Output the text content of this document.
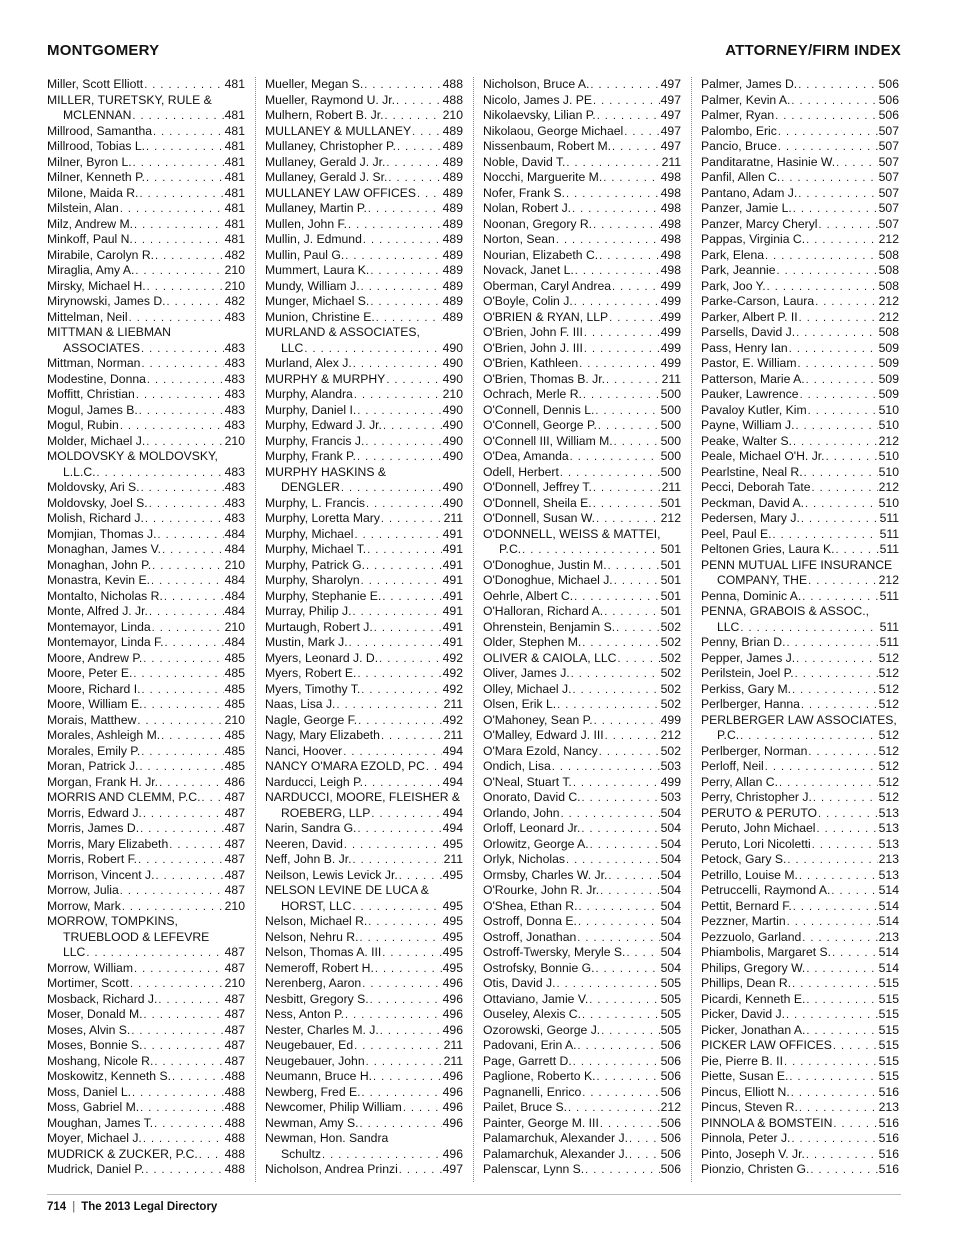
MONTGOMERY	ATTORNEY/FIRM INDEX
Miller, Scott Elliott . . .	481
MILLER, TURETSKY, RULE &
MCLENNAN . . .	481
Millrood, Samantha . . .	481
Millrood, Tobias L. . . .	481
Milner, Byron L. . . .	481
Milner, Kenneth P. . . .	481
Milone, Maida R. . . .	481
Milstein, Alan . . .	481
Milz, Andrew M. . . .	481
Minkoff, Paul N. . . .	481
Mirabile, Carolyn R. . . .	482
Miraglia, Amy A. . . .	210
Mirsky, Michael H. . . .	210
Mirynowski, James D. . . .	482
Mittelman, Neil . . .	483
MITTMAN & LIEBMAN
ASSOCIATES . . .	483
Mittman, Norman . . .	483
Modestine, Donna . . .	483
Moffitt, Christian . . .	483
Mogul, James B. . . .	483
Mogul, Rubin . . .	483
Molder, Michael J. . . .	210
MOLDOVSKY & MOLDOVSKY,
L.L.C. . . .	483
Moldovsky, Ari S. . . .	483
Moldovsky, Joel S. . . .	483
Molish, Richard J. . . .	483
Momjian, Thomas J. . . .	484
Monaghan, James V. . . .	484
Monaghan, John P. . . .	210
Monastra, Kevin E. . . .	484
Montalto, Nicholas R. . . .	484
Monte, Alfred J. Jr. . . .	484
Montemayor, Linda . . .	210
Montemayor, Linda F. . . .	484
Moore, Andrew P. . . .	485
Moore, Peter E. . . .	485
Moore, Richard I. . . .	485
Moore, William E. . . .	485
Morais, Matthew . . .	210
Morales, Ashleigh M. . . .	485
Morales, Emily P. . . .	485
Moran, Patrick J. . . .	485
Morgan, Frank H. Jr. . . .	486
MORRIS AND CLEMM, P.C. . . . 487
Morris, Edward J. . . .	487
Morris, James D. . . .	487
Morris, Mary Elizabeth . . .	487
Morris, Robert F. . . .	487
Morrison, Vincent J. . . .	487
Morrow, Julia . . .	487
Morrow, Mark . . .	210
MORROW, TOMPKINS,
TRUEBLOOD & LEFEVRE
LLC . . .	487
Morrow, William . . .	487
Mortimer, Scott . . .	210
Mosback, Richard J. . . .	487
Moser, Donald M. . . .	487
Moses, Alvin S. . . .	487
Moses, Bonnie S. . . .	487
Moshang, Nicole R. . . .	487
Moskowitz, Kenneth S. . . .	488
Moss, Daniel L. . . .	488
Moss, Gabriel M. . . .	488
Moughan, James T. . . .	488
Moyer, Michael J. . . .	488
MUDRICK & ZUCKER, P.C. . . . 488
Mudrick, Daniel P. . . .	488
Mueller, Megan S. . . .	488
Mueller, Raymond U. Jr. . . .	488
Mulhern, Robert B. Jr. . . .	210
MULLANEY & MULLANEY . . .	489
Mullaney, Christopher P. . . .	489
Mullaney, Gerald J. Jr. . . .	489
Mullaney, Gerald J. Sr. . . .	489
MULLANEY LAW OFFICES . . . 489
Mullaney, Martin P. . . .	489
Mullen, John F. . . .	489
Mullin, J. Edmund . . .	489
Mullin, Paul G. . . .	489
Mummert, Laura K. . . .	489
Mundy, William J. . . .	489
Munger, Michael S. . . .	489
Munion, Christine E. . . .	489
MURLAND & ASSOCIATES,
LLC . . .	490
Murland, Alex J. . . .	490
MURPHY & MURPHY . . .	490
Murphy, Alandra . . .	210
Murphy, Daniel I. . . .	490
Murphy, Edward J. Jr. . . .	490
Murphy, Francis J. . . .	490
Murphy, Frank P. . . .	490
MURPHY HASKINS &
DENGLER . . .	490
Murphy, L. Francis . . .	490
Murphy, Loretta Mary . . .	211
Murphy, Michael . . .	491
Murphy, Michael T. . . .	491
Murphy, Patrick G. . . .	491
Murphy, Sharolyn . . .	491
Murphy, Stephanie E. . . .	491
Murray, Philip J. . . .	491
Murtaugh, Robert J. . . .	491
Mustin, Mark J. . . .	491
Myers, Leonard J. D. . . .	492
Myers, Robert E. . . .	492
Myers, Timothy T. . . .	492
Naas, Lisa J. . . .	211
Nagle, George F. . . .	492
Nagy, Mary Elizabeth . . .	211
Nanci, Hoover . . .	494
NANCY O'MARA EZOLD, PC . . . 494
Narducci, Leigh P. . . .	494
NARDUCCI, MOORE, FLEISHER &
ROEBERG, LLP . . .	494
Narin, Sandra G. . . .	494
Neeren, David . . .	495
Neff, John B. Jr. . . .	211
Neilson, Lewis Levick Jr. . . .	495
NELSON LEVINE DE LUCA &
HORST, LLC . . .	495
Nelson, Michael R. . . .	495
Nelson, Nehru R. . . .	495
Nelson, Thomas A. III . . .	495
Nemeroff, Robert H. . . .	495
Nerenberg, Aaron . . .	496
Nesbitt, Gregory S. . . .	496
Ness, Anton P. . . .	496
Nester, Charles M. J. . . .	496
Neugebauer, Ed . . .	211
Neugebauer, John . . .	211
Neumann, Bruce H. . . .	496
Newberg, Fred E. . . .	496
Newcomer, Philip William . . .	496
Newman, Amy S. . . .	496
Newman, Hon. Sandra
Schultz . . .	496
Nicholson, Andrea Prinzi . . .	497
Nicholson, Bruce A. . . .	497
Nicolo, James J. PE . . .	497
Nikolaevsky, Lilian P. . . .	497
Nikolaou, George Michael . . .	497
Nissenbaum, Robert M. . . .	497
Noble, David T. . . .	211
Nocchi, Marguerite M. . . .	498
Nofer, Frank S. . . .	498
Nolan, Robert J. . . .	498
Noonan, Gregory R. . . .	498
Norton, Sean . . .	498
Nourian, Elizabeth C. . . .	498
Novack, Janet L. . . .	498
Oberman, Caryl Andrea . . .	499
O'Boyle, Colin J. . . .	499
O'BRIEN & RYAN, LLP . . .	499
O'Brien, John F. III . . .	499
O'Brien, John J. III . . .	499
O'Brien, Kathleen . . .	499
O'Brien, Thomas B. Jr. . . .	211
Ochrach, Merle R. . . .	500
O'Connell, Dennis L. . . .	500
O'Connell, George P. . . .	500
O'Connell III, William M. . . .	500
O'Dea, Amanda . . .	500
Odell, Herbert . . .	500
O'Donnell, Jeffrey T. . . .	211
O'Donnell, Sheila E. . . .	501
O'Donnell, Susan W. . . .	212
O'DONNELL, WEISS & MATTEI,
P.C. . . .	501
O'Donoghue, Justin M. . . .	501
O'Donoghue, Michael J. . . .	501
Oehrle, Albert C. . . .	501
O'Halloran, Richard A. . . .	501
Ohrenstein, Benjamin S. . . .	502
Older, Stephen M. . . .	502
OLIVER & CAIOLA, LLC . . .	502
Oliver, James J. . . .	502
Olley, Michael J. . . .	502
Olsen, Erik L. . . .	502
O'Mahoney, Sean P. . . .	499
O'Malley, Edward J. III . . .	212
O'Mara Ezold, Nancy . . .	502
Ondich, Lisa . . .	503
O'Neal, Stuart T. . . .	499
Onorato, David C. . . .	503
Orlando, John . . .	504
Orloff, Leonard Jr. . . .	504
Orlowitz, George A. . . .	504
Orlyk, Nicholas . . .	504
Ormsby, Charles W. Jr. . . .	504
O'Rourke, John R. Jr. . . .	504
O'Shea, Ethan R. . . .	504
Ostroff, Donna E. . . .	504
Ostroff, Jonathan . . .	504
Ostroff-Twersky, Meryle S. . . .	504
Ostrofsky, Bonnie G. . . .	504
Otis, David J. . . .	505
Ottaviano, Jamie V. . . .	505
Ouseley, Alexis C. . . .	505
Ozorowski, George J. . . .	505
Padovani, Erin A. . . .	506
Page, Garrett D. . . .	506
Paglione, Roberto K. . . .	506
Pagnanelli, Enrico . . .	506
Pailet, Bruce S. . . .	212
Painter, George M. III . . .	506
Palamarchuk, Alexander J. . . .	506
Palamarchuk, Alexander J. . . .	506
Palenscar, Lynn S. . . .	506
Palmer, James D. . . .	506
Palmer, Kevin A. . . .	506
Palmer, Ryan . . .	506
Palombo, Eric . . .	507
Pancio, Bruce . . .	507
Panditaratne, Hasinie W. . . .	507
Panfil, Allen C. . . .	507
Pantano, Adam J. . . .	507
Panzer, Jamie L. . . .	507
Panzer, Marcy Cheryl . . .	507
Pappas, Virginia C. . . .	212
Park, Elena . . .	508
Park, Jeannie . . .	508
Park, Joo Y. . . .	508
Parke-Carson, Laura . . .	212
Parker, Albert P. II . . .	212
Parsells, David J. . . .	508
Pass, Henry Ian . . .	509
Pastor, E. William . . .	509
Patterson, Marie A. . . .	509
Pauker, Lawrence . . .	509
Pavaloy Kutler, Kim . . .	510
Payne, William J. . . .	510
Peake, Walter S. . . .	212
Peale, Michael O'H. Jr. . . .	510
Pearlstine, Neal R. . . .	510
Pecci, Deborah Tate . . .	212
Peckman, David A. . . .	510
Pedersen, Mary J. . . .	511
Peel, Paul E. . . .	511
Peltonen Gries, Laura K. . . .	511
PENN MUTUAL LIFE INSURANCE
COMPANY, THE . . .	212
Penna, Dominic A. . . .	511
PENNA, GRABOIS & ASSOC.,
LLC . . .	511
Penny, Brian D. . . .	511
Pepper, James J. . . .	512
Perilstein, Joel P. . . .	512
Perkiss, Gary M. . . .	512
Perlberger, Hanna . . .	512
PERLBERGER LAW ASSOCIATES,
P.C. . . .	512
Perlberger, Norman . . .	512
Perloff, Neil . . .	512
Perry, Allan C. . . .	512
Perry, Christopher J. . . .	512
PERUTO & PERUTO . . .	513
Peruto, John Michael . . .	513
Peruto, Lori Nicoletti . . .	513
Petock, Gary S. . . .	213
Petrillo, Louise M. . . .	513
Petruccelli, Raymond A. . . .	514
Pettit, Bernard F. . . .	514
Pezzner, Martin . . .	514
Pezzuolo, Garland . . .	213
Phiambolis, Margaret S. . . .	514
Philips, Gregory W. . . .	514
Phillips, Dean R. . . .	515
Picardi, Kenneth E. . . .	515
Picker, David J. . . .	515
Picker, Jonathan A. . . .	515
PICKER LAW OFFICES . . .	515
Pie, Pierre B. II . . .	515
Piette, Susan E. . . .	515
Pincus, Elliott N. . . .	516
Pincus, Steven R. . . .	213
PINNOLA & BOMSTEIN . . .	516
Pinnola, Peter J. . . .	516
Pinto, Joseph V. Jr. . . .	516
Pionzio, Christen G. . . .	516
714 | The 2013 Legal Directory
